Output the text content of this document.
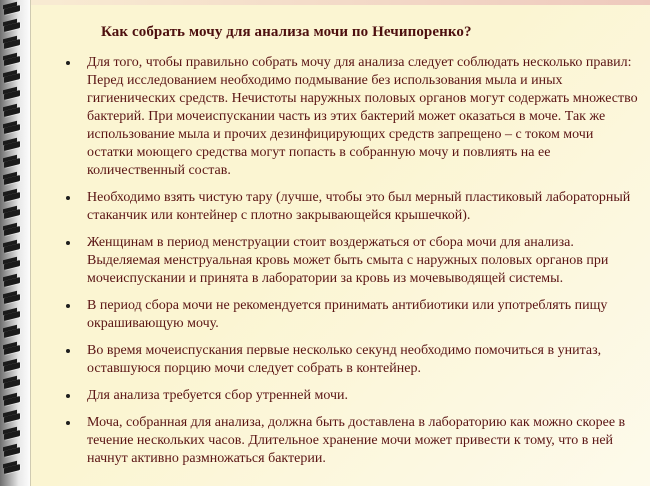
Как собрать мочу для анализа мочи по Нечипоренко?
Для того, чтобы правильно собрать мочу для анализа следует соблюдать несколько правил: Перед исследованием необходимо подмывание без использования мыла и иных гигиенических средств. Нечистоты наружных половых органов могут содержать множество бактерий. При мочеиспускании часть из этих бактерий может оказаться в моче. Так же использование мыла и прочих дезинфицирующих средств запрещено – с током мочи остатки моющего средства могут попасть в собранную мочу и повлиять на ее количественный состав.
Необходимо взять чистую тару (лучше, чтобы это был мерный пластиковый лабораторный стаканчик или контейнер с плотно закрывающейся крышечкой).
Женщинам в период менструации стоит воздержаться от сбора мочи для анализа. Выделяемая менструальная кровь может быть смыта с наружных половых органов при мочеиспускании и принята в лаборатории за кровь из мочевыводящей системы.
В период сбора мочи не рекомендуется принимать антибиотики или употреблять пищу окрашивающую мочу.
Во время мочеиспускания первые несколько секунд необходимо помочиться в унитаз, оставшуюся порцию мочи следует собрать в контейнер.
Для анализа требуется сбор утренней мочи.
Моча, собранная для анализа, должна быть доставлена в лабораторию как можно скорее в течение нескольких часов. Длительное хранение мочи может привести к тому, что в ней начнут активно размножаться бактерии.
